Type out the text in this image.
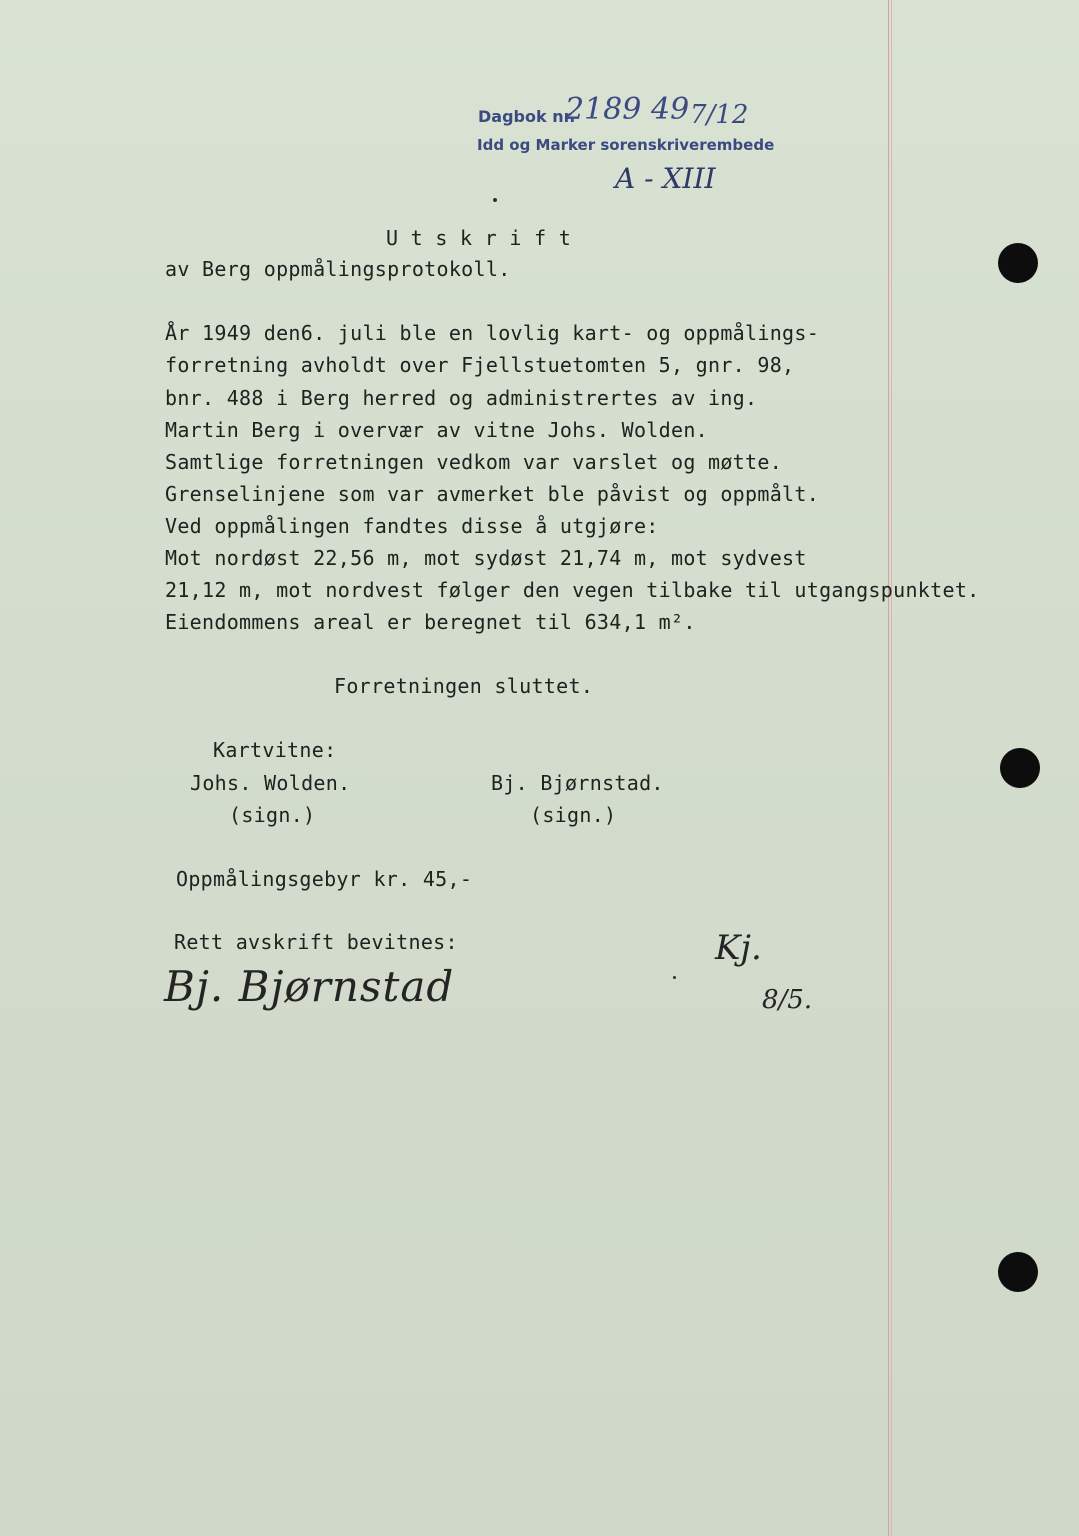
Dagbok nr.
2189 49 7/12
Idd og Marker sorenskriverembede
A - XIII
U t s k r i f t
av Berg oppmålingsprotokoll.
År 1949 den6. juli ble en lovlig kart- og oppmålings-
forretning avholdt over Fjellstuetomten 5, gnr. 98,
bnr. 488 i Berg herred og administrertes av ing.
Martin Berg i overvær av vitne Johs. Wolden.
Samtlige forretningen vedkom var varslet og møtte.
Grenselinjene som var avmerket ble påvist og oppmålt.
Ved oppmålingen fandtes disse å utgjøre:
Mot nordøst 22,56 m, mot sydøst 21,74 m, mot sydvest
21,12 m, mot nordvest følger den vegen tilbake til utgangspunktet.
Eiendommens areal er beregnet til 634,1 m².
Forretningen sluttet.
Kartvitne:
Johs. Wolden.
(sign.)
Bj. Bjørnstad.
(sign.)
Oppmålingsgebyr kr. 45,-
Rett avskrift bevitnes:
Bj. Bjørnstad
Kj.
8/5.
